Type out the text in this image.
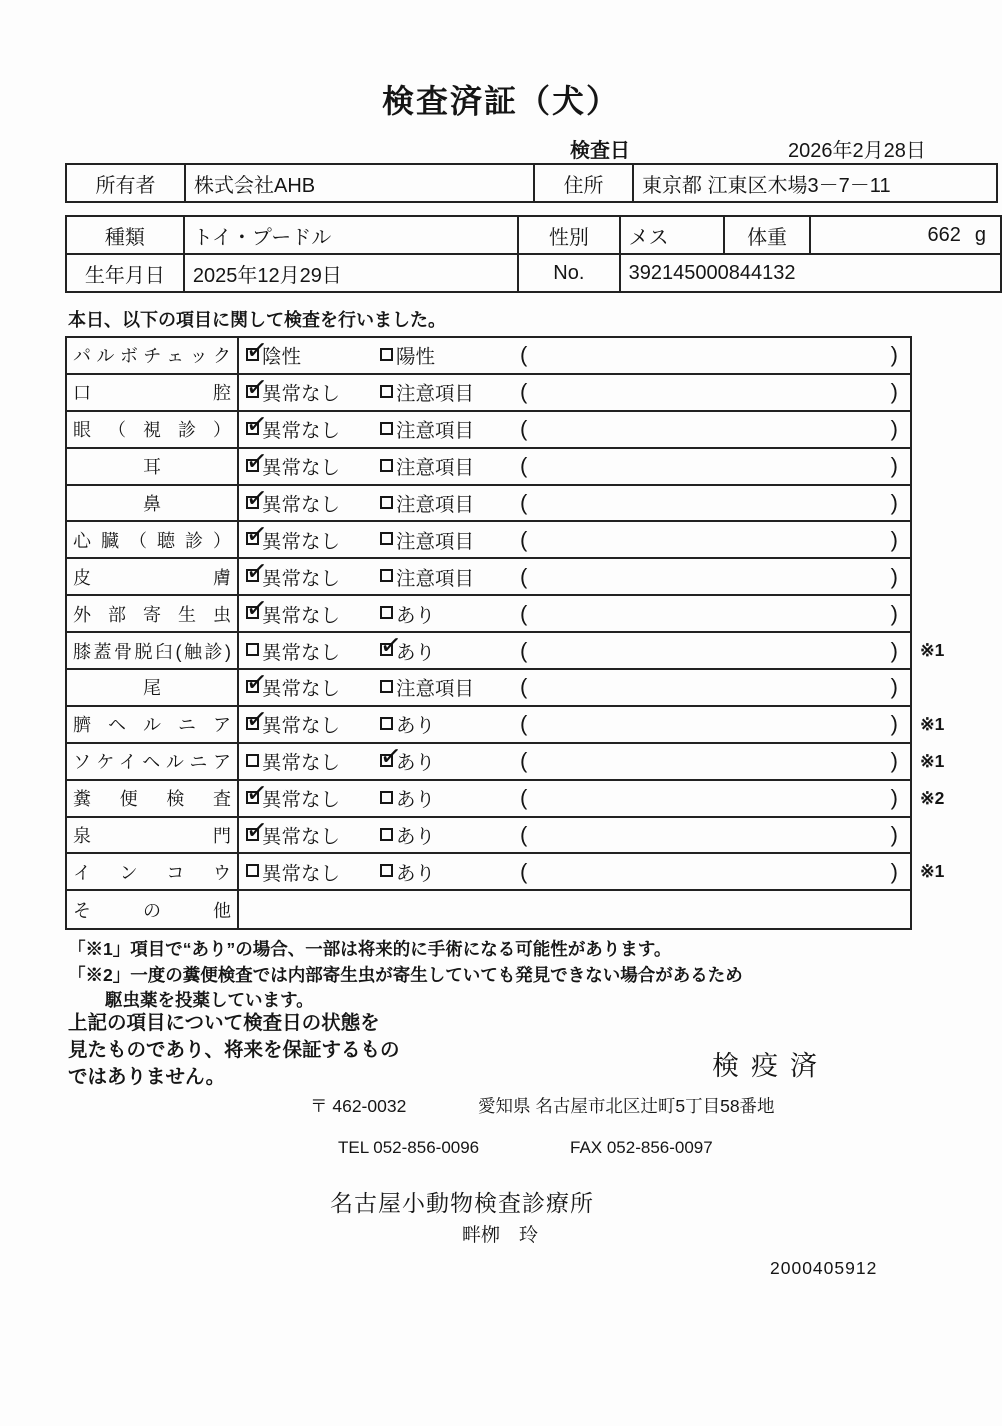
検査済証（犬）
検査日	2026年2月28日
所有者	株式会社AHB	住所	東京都 江東区木場3－7－11
種類	トイ・プードル	性別	メス	体重	662 g
生年月日	2025年12月29日	No.	392145000844132		
本日、以下の項目に関して検査を行いました。
パルボチェック ✓ 陰性	陽性	(	)
口腔 ✓ 異常なし	注意項目 (	)
眼（視診） ✓ 異常なし	注意項目 (	)
耳 ✓	異常なし	注意項目 (	)
鼻 ✓	異常なし	注意項目 (	)
心臓（聴診） ✓ 異常なし	注意項目 (	)
皮膚 ✓ 異常なし	注意項目 (	)
外部寄生虫 ✓ 異常なし	あり	(	)
膝蓋骨脱臼(触診) 異常なし ✓	あり	(	) ※1
尾 ✓	異常なし	注意項目 (	)
臍ヘルニア ✓ 異常なし	あり	(	) ※1
ソケイヘルニア 異常なし ✓	あり	(	) ※1
糞便検査 ✓ 異常なし	あり	(	) ※2
泉門 ✓ 異常なし	あり	(	)
インコウ 異常なし	あり	(	) ※1
その他
「※1」項目で“あり”の場合、一部は将来的に手術になる可能性があります。
「※2」一度の糞便検査では内部寄生虫が寄生していても発見できない場合があるため
駆虫薬を投薬しています。
上記の項目について検査日の状態を
見たものであり、将来を保証するもの
ではありません。	検疫済
〒 462-0032	愛知県 名古屋市北区辻町5丁目58番地
TEL 052-856-0096	FAX 052-856-0097
名古屋小動物検査診療所
畔栁　玲
2000405912
